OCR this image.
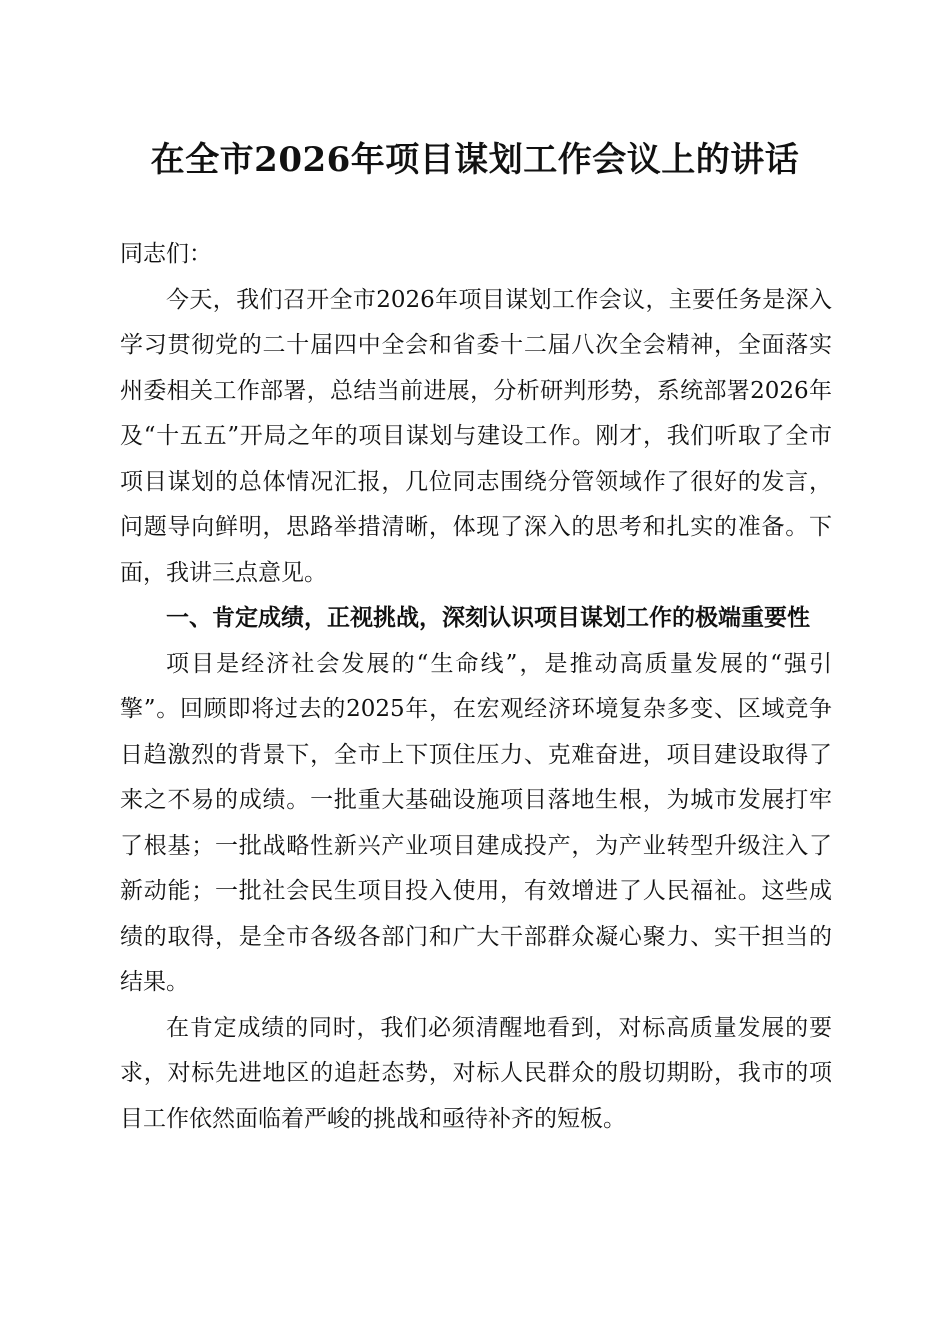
在全市2026年项目谋划工作会议上的讲话

同志们：

今天，我们召开全市2026年项目谋划工作会议，主要任务是深入学习贯彻党的二十届四中全会和省委十二届八次全会精神，全面落实州委相关工作部署，总结当前进展，分析研判形势，系统部署2026年及“十五五”开局之年的项目谋划与建设工作。刚才，我们听取了全市项目谋划的总体情况汇报，几位同志围绕分管领域作了很好的发言，问题导向鲜明，思路举措清晰，体现了深入的思考和扎实的准备。下面，我讲三点意见。

一、肯定成绩，正视挑战，深刻认识项目谋划工作的极端重要性

项目是经济社会发展的“生命线”，是推动高质量发展的“强引擎”。回顾即将过去的2025年，在宏观经济环境复杂多变、区域竞争日趋激烈的背景下，全市上下顶住压力、克难奋进，项目建设取得了来之不易的成绩。一批重大基础设施项目落地生根，为城市发展打牢了根基；一批战略性新兴产业项目建成投产，为产业转型升级注入了新动能；一批社会民生项目投入使用，有效增进了人民福祉。这些成绩的取得，是全市各级各部门和广大干部群众凝心聚力、实干担当的结果。

在肯定成绩的同时，我们必须清醒地看到，对标高质量发展的要求，对标先进地区的追赶态势，对标人民群众的殷切期盼，我市的项目工作依然面临着严峻的挑战和亟待补齐的短板。
